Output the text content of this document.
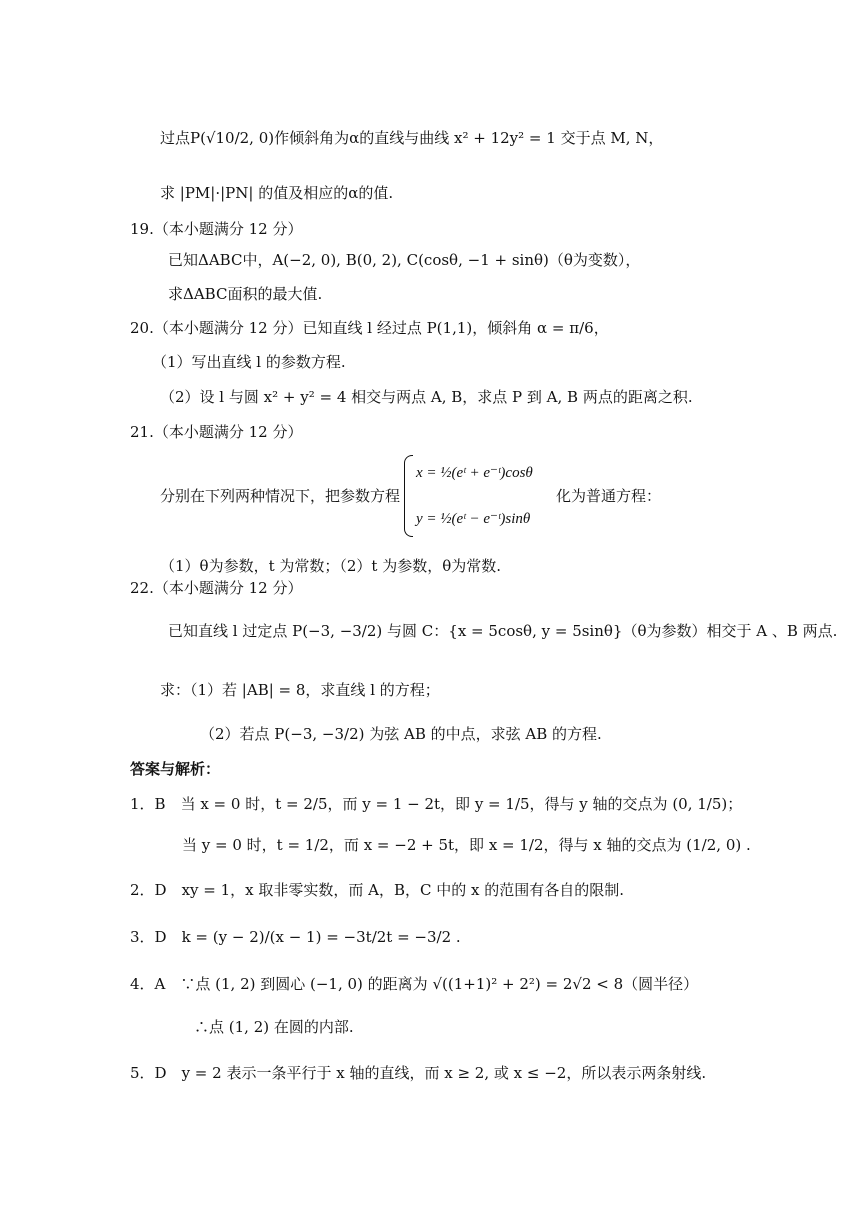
过点P(√10/2, 0)作倾斜角为α的直线与曲线 x² + 12y² = 1 交于点 M, N，
求 |PM|·|PN| 的值及相应的α的值.
19.（本小题满分 12 分）
已知ΔABC中，A(−2, 0), B(0, 2), C(cosθ, −1 + sinθ)（θ为变数），
求ΔABC面积的最大值.
20.（本小题满分 12 分）已知直线 l 经过点 P(1,1)，倾斜角 α = π/6，
（1）写出直线 l 的参数方程.
（2）设 l 与圆 x² + y² = 4 相交与两点 A, B，求点 P 到 A, B 两点的距离之积.
21.（本小题满分 12 分）
分别在下列两种情况下，把参数方程
x = ½(eᵗ + e⁻ᵗ)cosθ
y = ½(eᵗ − e⁻ᵗ)sinθ
化为普通方程：
（1）θ为参数，t 为常数；（2）t 为参数，θ为常数.
22.（本小题满分 12 分）
已知直线 l 过定点 P(−3, −3/2) 与圆 C：{x = 5cosθ, y = 5sinθ}（θ为参数）相交于 A 、B 两点.
求：（1）若 |AB| = 8，求直线 l 的方程；
（2）若点 P(−3, −3/2) 为弦 AB 的中点，求弦 AB 的方程.
答案与解析：
1．B　当 x = 0 时，t = 2/5，而 y = 1 − 2t，即 y = 1/5，得与 y 轴的交点为 (0, 1/5)；
当 y = 0 时，t = 1/2，而 x = −2 + 5t，即 x = 1/2，得与 x 轴的交点为 (1/2, 0) .
2．D　xy = 1，x 取非零实数，而 A，B，C 中的 x 的范围有各自的限制.
3．D　k = (y − 2)/(x − 1) = −3t/2t = −3/2 .
4．A　∵点 (1, 2) 到圆心 (−1, 0) 的距离为 √((1+1)² + 2²) = 2√2 < 8（圆半径）
∴点 (1, 2) 在圆的内部.
5．D　y = 2 表示一条平行于 x 轴的直线，而 x ≥ 2, 或 x ≤ −2，所以表示两条射线.
